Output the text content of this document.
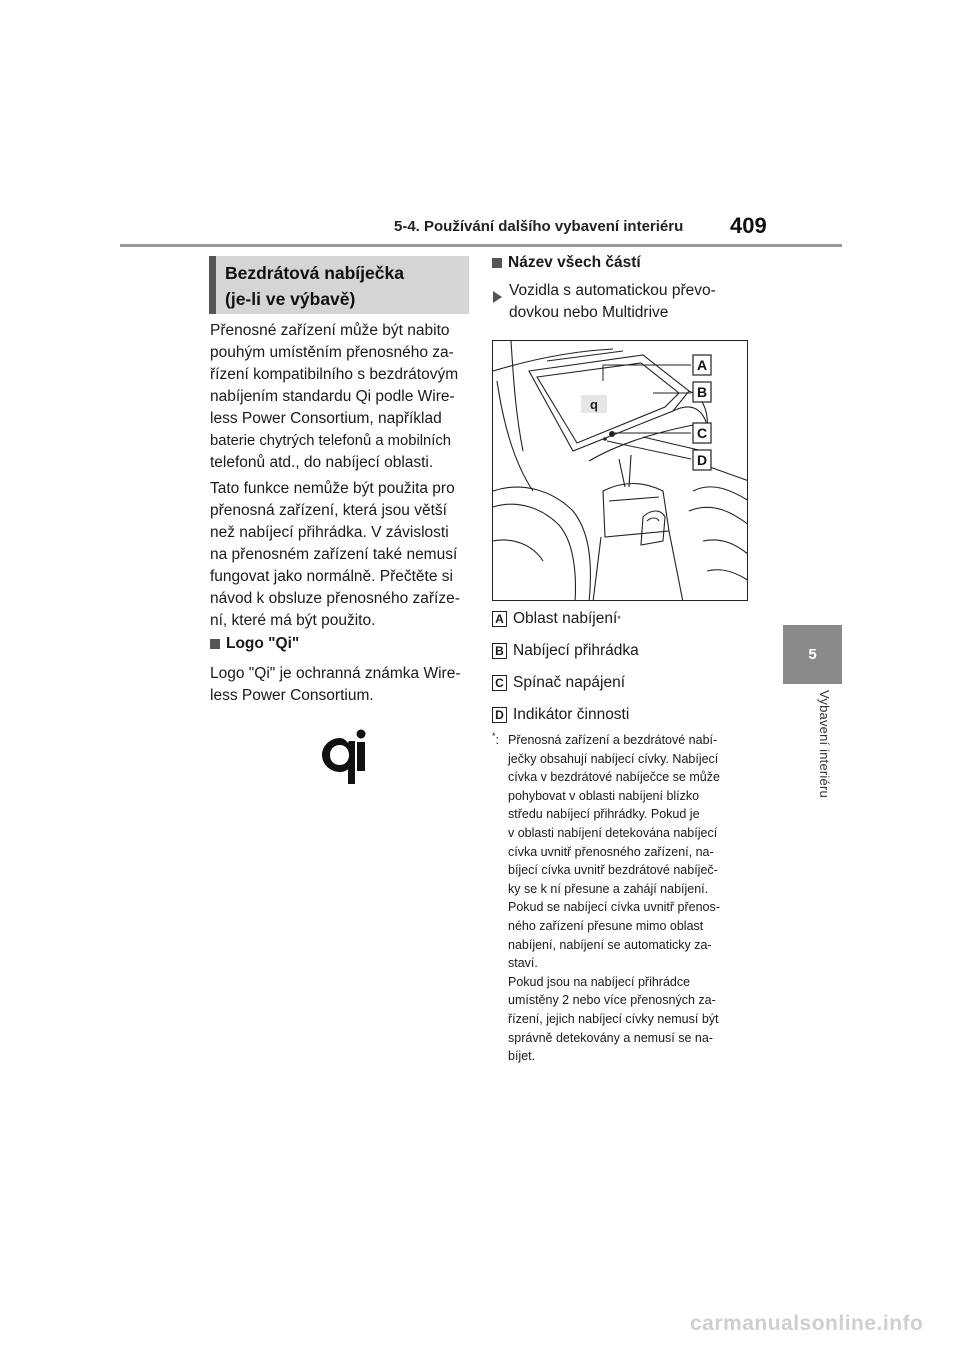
5-4. Používání dalšího vybavení interiéru 409
5
Vybavení interiéru
Bezdrátová nabíječka
(je-li ve výbavě)
Přenosné zařízení může být nabito
pouhým umístěním přenosného za-
řízení kompatibilního s bezdrátovým
nabíjením standardu Qi podle Wire-
less Power Consortium, například
baterie chytrých telefonů a mobilních
telefonů atd., do nabíjecí oblasti.
Tato funkce nemůže být použita pro
přenosná zařízení, která jsou větší
než nabíjecí přihrádka. V závislosti
na přenosném zařízení také nemusí
fungovat jako normálně. Přečtěte si
návod k obsluze přenosného zaříze-
ní, které má být použito.
Logo "Qi"
Logo "Qi" je ochranná známka Wire-
less Power Consortium.
Název všech částí
Vozidla s automatickou převo-
dovkou nebo Multidrive
q
A
B
C
D
A Oblast nabíjení *
B Nabíjecí přihrádka
C Spínač napájení
D Indikátor činnosti
*: Přenosná zařízení a bezdrátové nabí-
ječky obsahují nabíjecí cívky. Nabíjecí
cívka v bezdrátové nabíječce se může
pohybovat v oblasti nabíjení blízko
středu nabíjecí přihrádky. Pokud je
v oblasti nabíjení detekována nabíjecí
cívka uvnitř přenosného zařízení, na-
bíjecí cívka uvnitř bezdrátové nabíječ-
ky se k ní přesune a zahájí nabíjení.
Pokud se nabíjecí cívka uvnitř přenos-
ného zařízení přesune mimo oblast
nabíjení, nabíjení se automaticky za-
staví.
Pokud jsou na nabíjecí přihrádce
umístěny 2 nebo více přenosných za-
řízení, jejich nabíjecí cívky nemusí být
správně detekovány a nemusí se na-
bíjet.
carmanualsonline.info
